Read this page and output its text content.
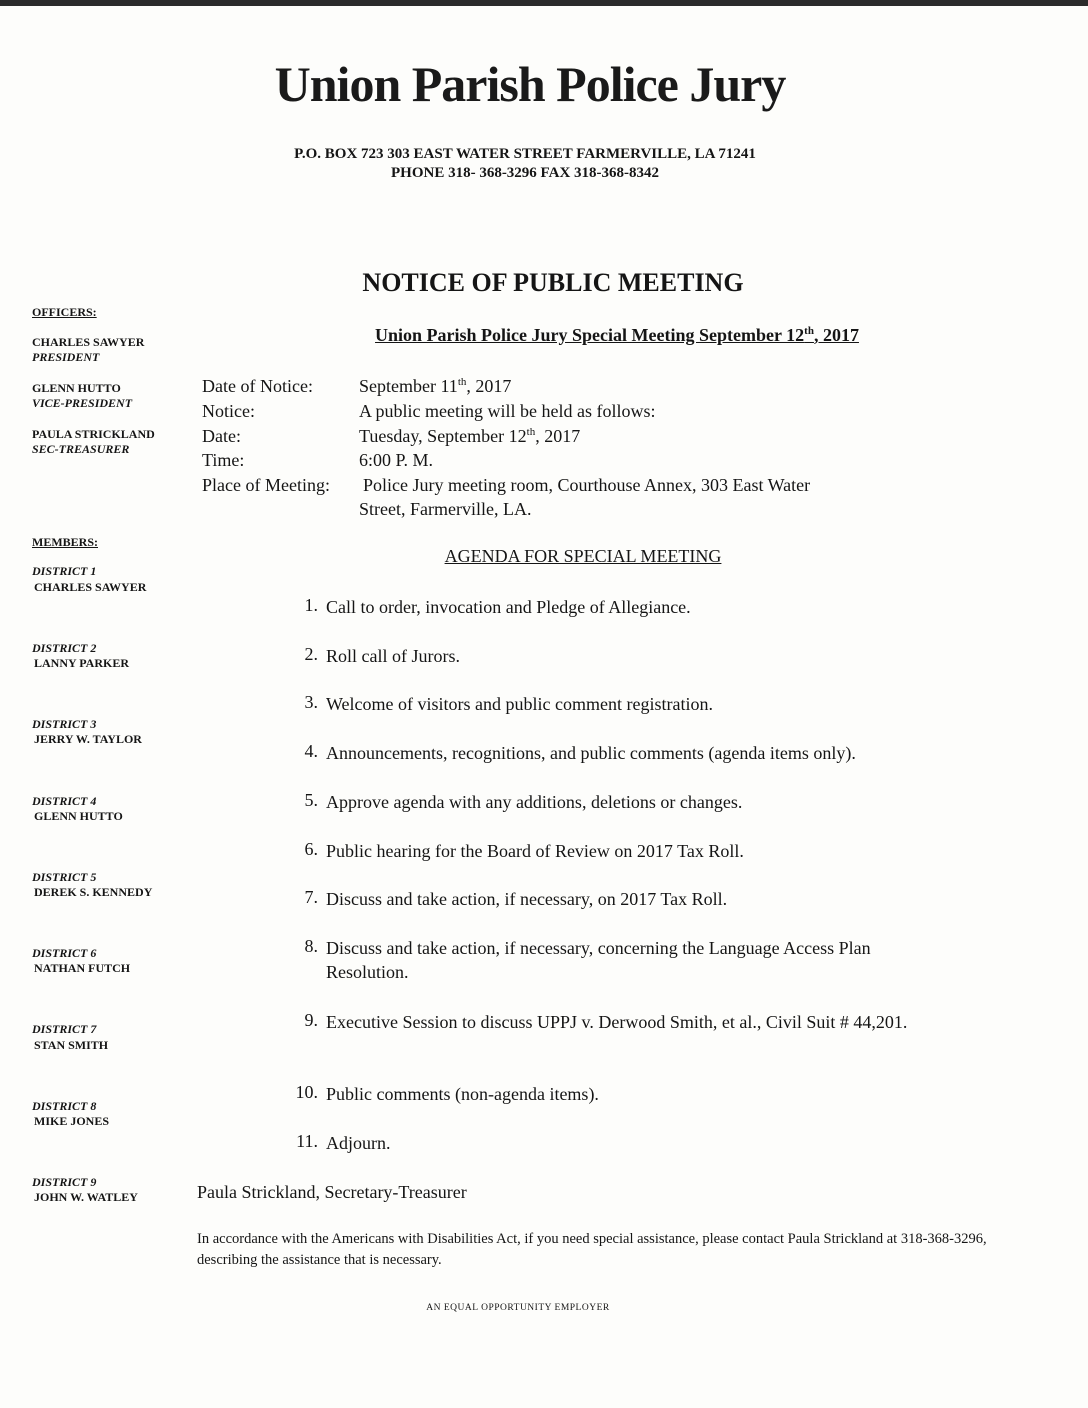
Union Parish Police Jury

P.O. BOX 723 303 EAST WATER STREET FARMERVILLE, LA 71241

PHONE 318- 368-3296 FAX 318-368-8342

NOTICE OF PUBLIC MEETING

Union Parish Police Jury Special Meeting September 12th, 2017

OFFICERS:

CHARLES SAWYER

PRESIDENT

GLENN HUTTO

VICE-PRESIDENT

PAULA STRICKLAND

SEC-TREASURER

MEMBERS:

DISTRICT 1

CHARLES SAWYER

DISTRICT 2

LANNY PARKER

DISTRICT 3

JERRY W. TAYLOR

DISTRICT 4

GLENN HUTTO

DISTRICT 5

DEREK S. KENNEDY

DISTRICT 6

NATHAN FUTCH

DISTRICT 7

STAN SMITH

DISTRICT 8

MIKE JONES

DISTRICT 9

JOHN W. WATLEY

Date of Notice:	September 11th, 2017

Notice:	A public meeting will be held as follows:

Date:	Tuesday, September 12th, 2017

Time:	6:00 P. M.

Place of Meeting: Police Jury meeting room, Courthouse Annex, 303 East Water

Street, Farmerville, LA.

AGENDA FOR SPECIAL MEETING

1. Call to order, invocation and Pledge of Allegiance.

2. Roll call of Jurors.

3. Welcome of visitors and public comment registration.

4. Announcements, recognitions, and public comments (agenda items only).

5. Approve agenda with any additions, deletions or changes.

6. Public hearing for the Board of Review on 2017 Tax Roll.

7. Discuss and take action, if necessary, on 2017 Tax Roll.

8. Discuss and take action, if necessary, concerning the Language Access Plan Resolution.

9. Executive Session to discuss UPPJ v. Derwood Smith, et al., Civil Suit # 44,201.

10. Public comments (non-agenda items).

11. Adjourn.

Paula Strickland, Secretary-Treasurer

In accordance with the Americans with Disabilities Act, if you need special assistance, please contact Paula Strickland at 318-368-3296, describing the assistance that is necessary.

AN EQUAL OPPORTUNITY EMPLOYER
